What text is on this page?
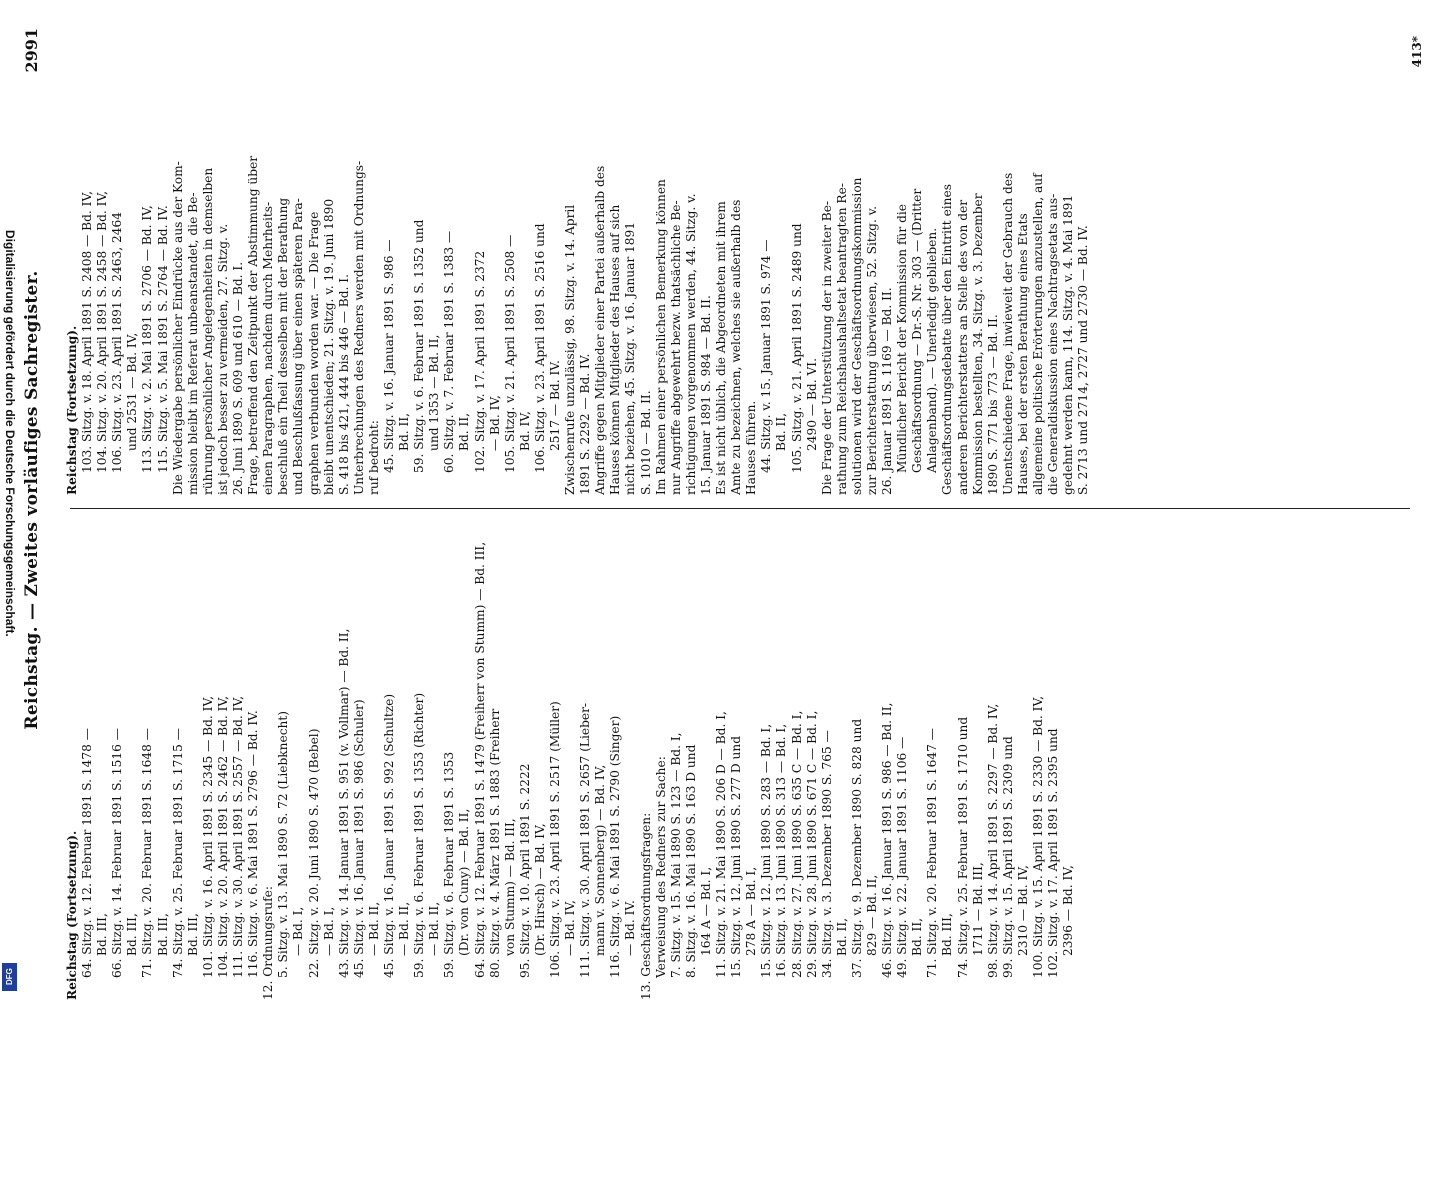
Reichstag. — Zweites vorläufiges Sachregister.
2991
Reichstag (Fortsetzung). 64. Sitzg. v. 12. Februar 1891 S. 1478 — Bd. III, 66. Sitzg. v. 14. Februar 1891 S. 1516 — Bd. III, 71. Sitzg. v. 20. Februar 1891 S. 1648 — Bd. III, 74. Sitzg. v. 25. Februar 1891 S. 1715 — Bd. III, 101. Sitzg. v. 16. April 1891 S. 2345 — Bd. IV, 104. Sitzg. v. 20. April 1891 S. 2462 — Bd. IV, 111. Sitzg. v. 30. April 1891 S. 2557 — Bd. IV, 116. Sitzg. v. 6. Mai 1891 S. 2796 — Bd. IV. 12. Ordnungsrufe: 5. Sitzg. v. 13. Mai 1890 S. 72 (Liebknecht) — Bd. I, 22. Sitzg. v. 20. Juni 1890 S. 470 (Bebel) — Bd. I, 43. Sitzg. v. 14. Januar 1891 S. 951 (v. Vollmar) — Bd. II, 45. Sitzg. v. 16. Januar 1891 S. 986 (Schuler) — Bd. II, 45. Sitzg. v. 16. Januar 1891 S. 992 (Schultze) — Bd. II, 59. Sitzg. v. 6. Februar 1891 S. 1353 (Richter) — Bd. II, 59. Sitzg. v. 6. Februar 1891 S. 1353 (Dr. von Cuny) — Bd. II, 64. Sitzg. v. 12. Februar 1891 S. 1479 (Freiherr von Stumm) — Bd. III, 80. Sitzg. v. 4. März 1891 S. 1883 (Freiherr von Stumm) — Bd. III, 95. Sitzg. v. 10. April 1891 S. 2222 (Dr. Hirsch) — Bd. IV, 106. Sitzg. v. 23. April 1891 S. 2517 (Müller) — Bd. IV, 111. Sitzg. v. 30. April 1891 S. 2657 (Lieber- mann v. Sonnenberg) — Bd. IV, 116. Sitzg. v. 6. Mai 1891 S. 2790 (Singer) — Bd. IV. 13. Geschäftsordnungsfragen: Verweisung des Redners zur Sache: 7. Sitzg. v. 15. Mai 1890 S. 123 — Bd. I, 8. Sitzg. v. 16. Mai 1890 S. 163 D und 164 A — Bd. I, 11. Sitzg. v. 21. Mai 1890 S. 206 D — Bd. I, 15. Sitzg. v. 12. Juni 1890 S. 277 D und 278 A — Bd. I, 15. Sitzg. v. 12. Juni 1890 S. 283 — Bd. I, 16. Sitzg. v. 13. Juni 1890 S. 313 — Bd. I, 28. Sitzg. v. 27. Juni 1890 S. 635 C — Bd. I, 29. Sitzg. v. 28. Juni 1890 S. 671 C — Bd. I, 34. Sitzg. v. 3. Dezember 1890 S. 765 — Bd. II, 37. Sitzg. v. 9. Dezember 1890 S. 828 und 829 — Bd. II, 46. Sitzg. v. 16. Januar 1891 S. 986 — Bd. II, 49. Sitzg. v. 22. Januar 1891 S. 1106 — Bd. II, 71. Sitzg. v. 20. Februar 1891 S. 1647 — Bd. III, 74. Sitzg. v. 25. Februar 1891 S. 1710 und 1711 — Bd. III, 98. Sitzg. v. 14. April 1891 S. 2297 — Bd. IV, 99. Sitzg. v. 15. April 1891 S. 2309 und 2310 — Bd. IV, 100. Sitzg. v. 15. April 1891 S. 2330 — Bd. IV, 102. Sitzg. v. 17. April 1891 S. 2395 und 2396 — Bd. IV,
Reichstag (Fortsetzung). 103. Sitzg. v. 18. April 1891 S. 2408 — Bd. IV, 104. Sitzg. v. 20. April 1891 S. 2458 — Bd. IV, 106. Sitzg. v. 23. April 1891 S. 2463, 2464 und 2531 — Bd. IV, 113. Sitzg. v. 2. Mai 1891 S. 2706 — Bd. IV, 115. Sitzg. v. 5. Mai 1891 S. 2764 — Bd. IV. Die Wiedergabe persönlicher Eindrücke aus der Kom- mission bleibt im Referat unbeanstandet, die Be- rührung persönlicher Angelegenheiten in demselben ist jedoch besser zu vermeiden, 27. Sitzg. v. 26. Juni 1890 S. 609 und 610 — Bd. I. Frage, betreffend den Zeitpunkt der Abstimmung über einen Paragraphen, nachdem durch Mehrheits- beschluß ein Theil desselben mit der Berathung und Beschlußfassung über einen späteren Para- graphen verbunden worden war. — Die Frage bleibt unentschieden; 21. Sitzg. v. 19. Juni 1890 S. 418 bis 421, 444 bis 446 — Bd. I. Unterbrechungen des Redners werden mit Ordnungs- ruf bedroht: 45. Sitzg. v. 16. Januar 1891 S. 986 — Bd. II, 59. Sitzg. v. 6. Februar 1891 S. 1352 und und 1353 — Bd. II, 60. Sitzg. v. 7. Februar 1891 S. 1383 — Bd. II, 102. Sitzg. v. 17. April 1891 S. 2372 — Bd. IV, 105. Sitzg. v. 21. April 1891 S. 2508 — Bd. IV, 106. Sitzg. v. 23. April 1891 S. 2516 und 2517 — Bd. IV. Zwischenrufe unzulässig, 98. Sitzg. v. 14. April 1891 S. 2292 — Bd. IV. Angriffe gegen Mitglieder einer Partei außerhalb des Hauses können Mitglieder des Hauses auf sich nicht beziehen, 45. Sitzg. v. 16. Januar 1891 S. 1010 — Bd. II. Im Rahmen einer persönlichen Bemerkung können nur Angriffe abgewehrt bezw. thatsächliche Be- richtigungen vorgenommen werden, 44. Sitzg. v. 15. Januar 1891 S. 984 — Bd. II. Es ist nicht üblich, die Abgeordneten mit ihrem Amte zu bezeichnen, welches sie außerhalb des Hauses führen. 44. Sitzg. v. 15. Januar 1891 S. 974 — Bd. II, 105. Sitzg. v. 21. April 1891 S. 2489 und 2490 — Bd. VI. Die Frage der Unterstützung der in zweiter Be- rathung zum Reichshaushaltsetat beantragten Re- solutionen wird der Geschäftsordnungskommission zur Berichterstattung überwiesen, 52. Sitzg. v. 26. Januar 1891 S. 1169 — Bd. II. Mündlicher Bericht der Kommission für die Geschäftsordnung — Dr.-S. Nr. 303 — (Dritter Anlagenband). — Unerledigt geblieben. Geschäftsordnungsdebatte über den Eintritt eines anderen Berichterstatters an Stelle des von der Kommission bestellten, 34. Sitzg. v. 3. Dezember 1890 S. 771 bis 773 — Bd. II. Unentschiedene Frage, inwieweit der Gebrauch des Hauses, bei der ersten Berathung eines Etats allgemeine politische Erörterungen anzustellen, auf die Generaldiskussion eines Nachtragsetats aus- gedehnt werden kann, 114. Sitzg. v. 4. Mai 1891 S. 2713 und 2714, 2727 und 2730 — Bd. IV.
413*
Digitalisierung gefördert durch die Deutsche Forschungsgemeinschaft.
DFG
